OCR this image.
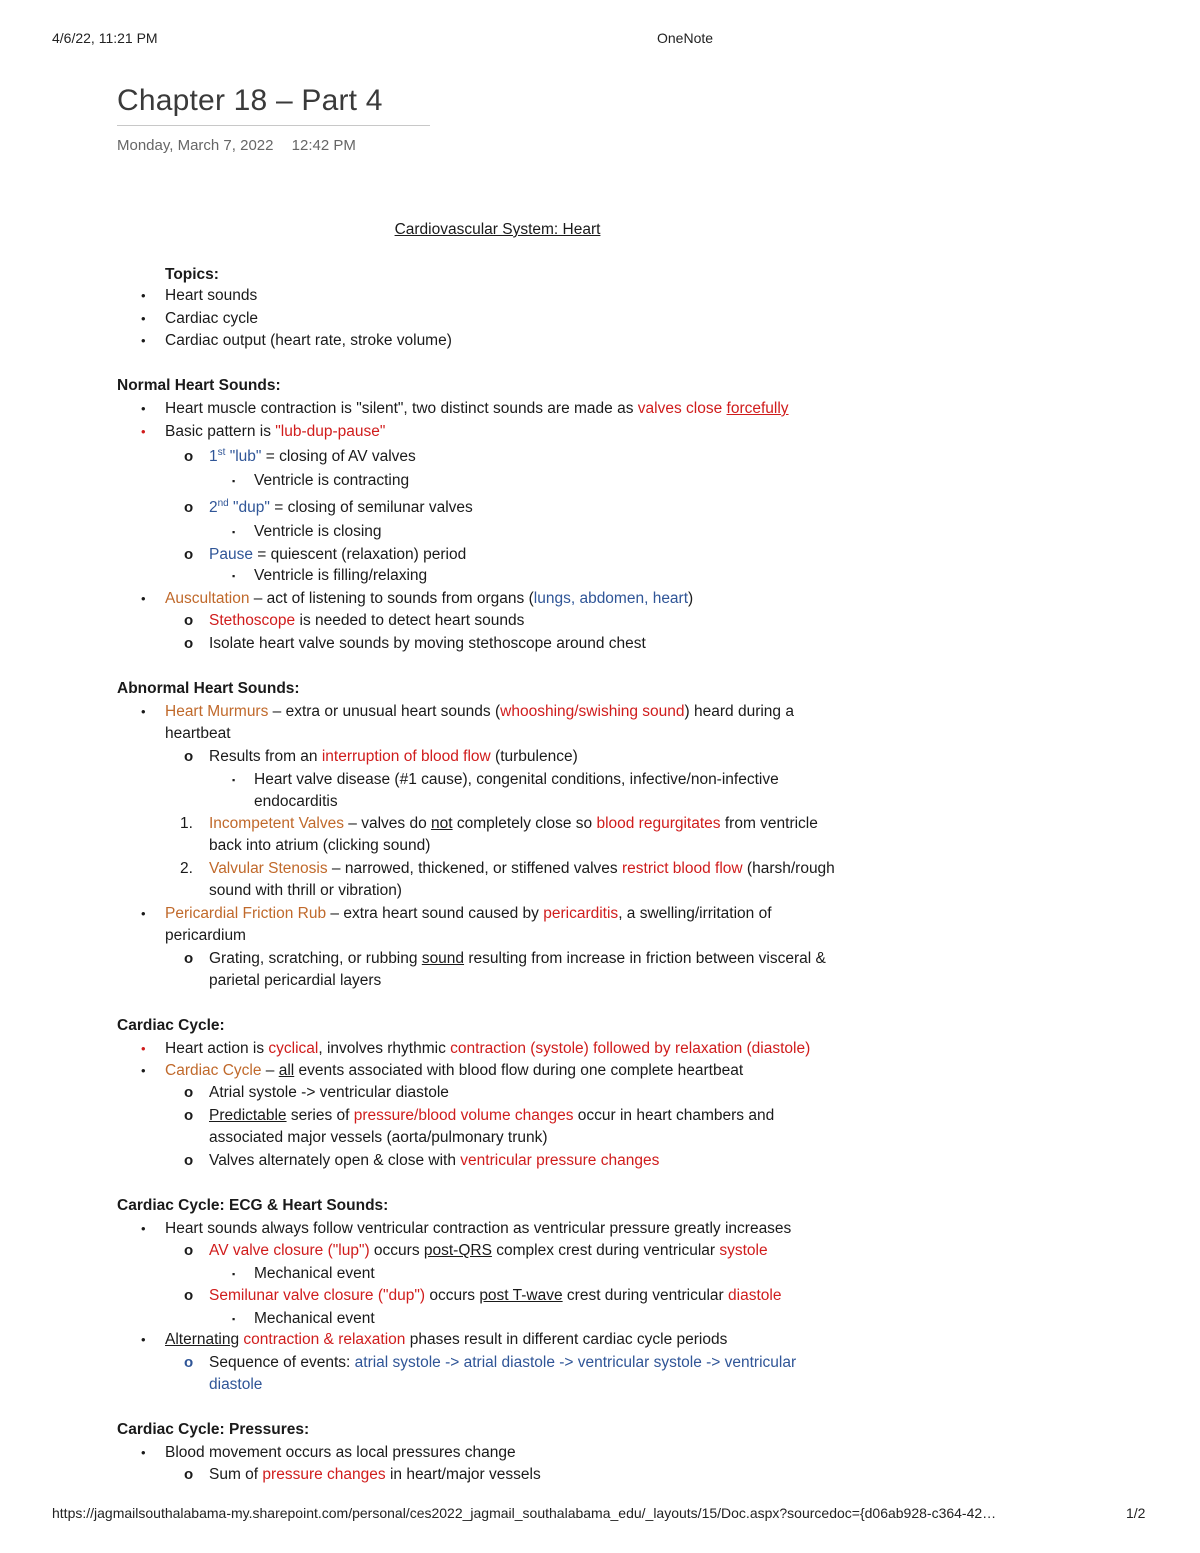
4/6/22, 11:21 PM	OneNote
Chapter 18 – Part 4
Monday, March 7, 2022 12:42 PM
Cardiovascular System: Heart
Topics:
• Heart sounds
• Cardiac cycle
• Cardiac output (heart rate, stroke volume)
Normal Heart Sounds:
• Heart muscle contraction is "silent", two distinct sounds are made as valves close forcefully
• Basic pattern is "lub-dup-pause"
o 1st "lub" = closing of AV valves
▪ Ventricle is contracting
o 2nd "dup" = closing of semilunar valves
▪ Ventricle is closing
o Pause = quiescent (relaxation) period
▪ Ventricle is filling/relaxing
• Auscultation – act of listening to sounds from organs (lungs, abdomen, heart)
o Stethoscope is needed to detect heart sounds
o Isolate heart valve sounds by moving stethoscope around chest
Abnormal Heart Sounds:
• Heart Murmurs – extra or unusual heart sounds (whooshing/swishing sound) heard during a
heartbeat
o Results from an interruption of blood flow (turbulence)
▪ Heart valve disease (#1 cause), congenital conditions, infective/non-infective
endocarditis
1. Incompetent Valves – valves do not completely close so blood regurgitates from ventricle
back into atrium (clicking sound)
2. Valvular Stenosis – narrowed, thickened, or stiffened valves restrict blood flow (harsh/rough
sound with thrill or vibration)
• Pericardial Friction Rub – extra heart sound caused by pericarditis, a swelling/irritation of
pericardium
o Grating, scratching, or rubbing sound resulting from increase in friction between visceral &
parietal pericardial layers
Cardiac Cycle:
• Heart action is cyclical, involves rhythmic contraction (systole) followed by relaxation (diastole)
• Cardiac Cycle – all events associated with blood flow during one complete heartbeat
o Atrial systole -> ventricular diastole
o Predictable series of pressure/blood volume changes occur in heart chambers and
associated major vessels (aorta/pulmonary trunk)
o Valves alternately open & close with ventricular pressure changes
Cardiac Cycle: ECG & Heart Sounds:
• Heart sounds always follow ventricular contraction as ventricular pressure greatly increases
o AV valve closure ("lup") occurs post-QRS complex crest during ventricular systole
▪ Mechanical event
o Semilunar valve closure ("dup") occurs post T-wave crest during ventricular diastole
▪ Mechanical event
• Alternating contraction & relaxation phases result in different cardiac cycle periods
o Sequence of events: atrial systole -> atrial diastole -> ventricular systole -> ventricular
diastole
Cardiac Cycle: Pressures:
• Blood movement occurs as local pressures change
o Sum of pressure changes in heart/major vessels
https://jagmailsouthalabama-my.sharepoint.com/personal/ces2022_jagmail_southalabama_edu/_layouts/15/Doc.aspx?sourcedoc={d06ab928-c364-42…	1/2
